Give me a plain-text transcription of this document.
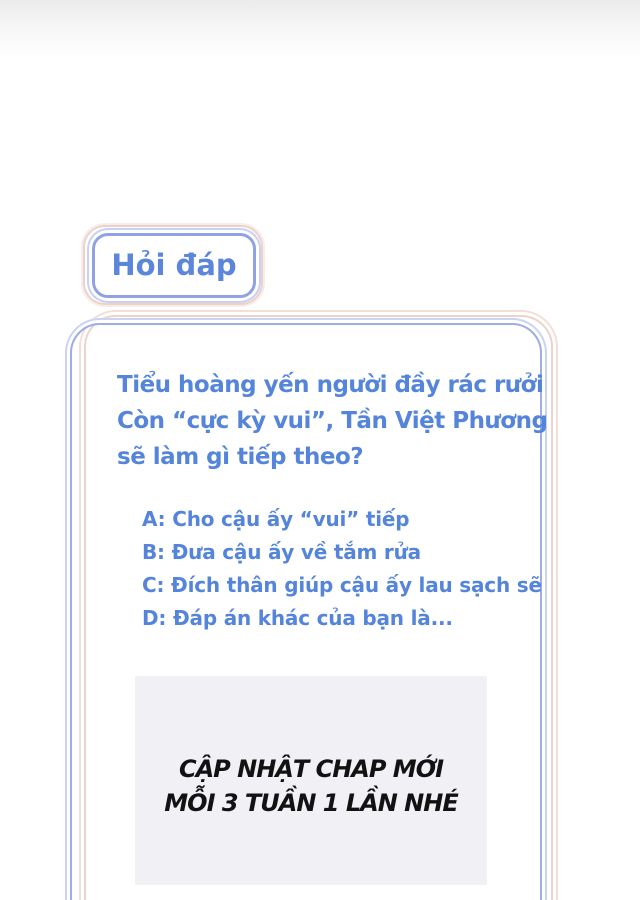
Hỏi đáp
Tiểu hoàng yến người đầy rác rưởi
Còn “cực kỳ vui”, Tần Việt Phương
sẽ làm gì tiếp theo?
A: Cho cậu ấy “vui” tiếp
B: Đưa cậu ấy về tắm rửa
C: Đích thân giúp cậu ấy lau sạch sẽ
D: Đáp án khác của bạn là...
CẬP NHẬT CHAP MỚI
MỖI 3 TUẦN 1 LẦN NHÉ
